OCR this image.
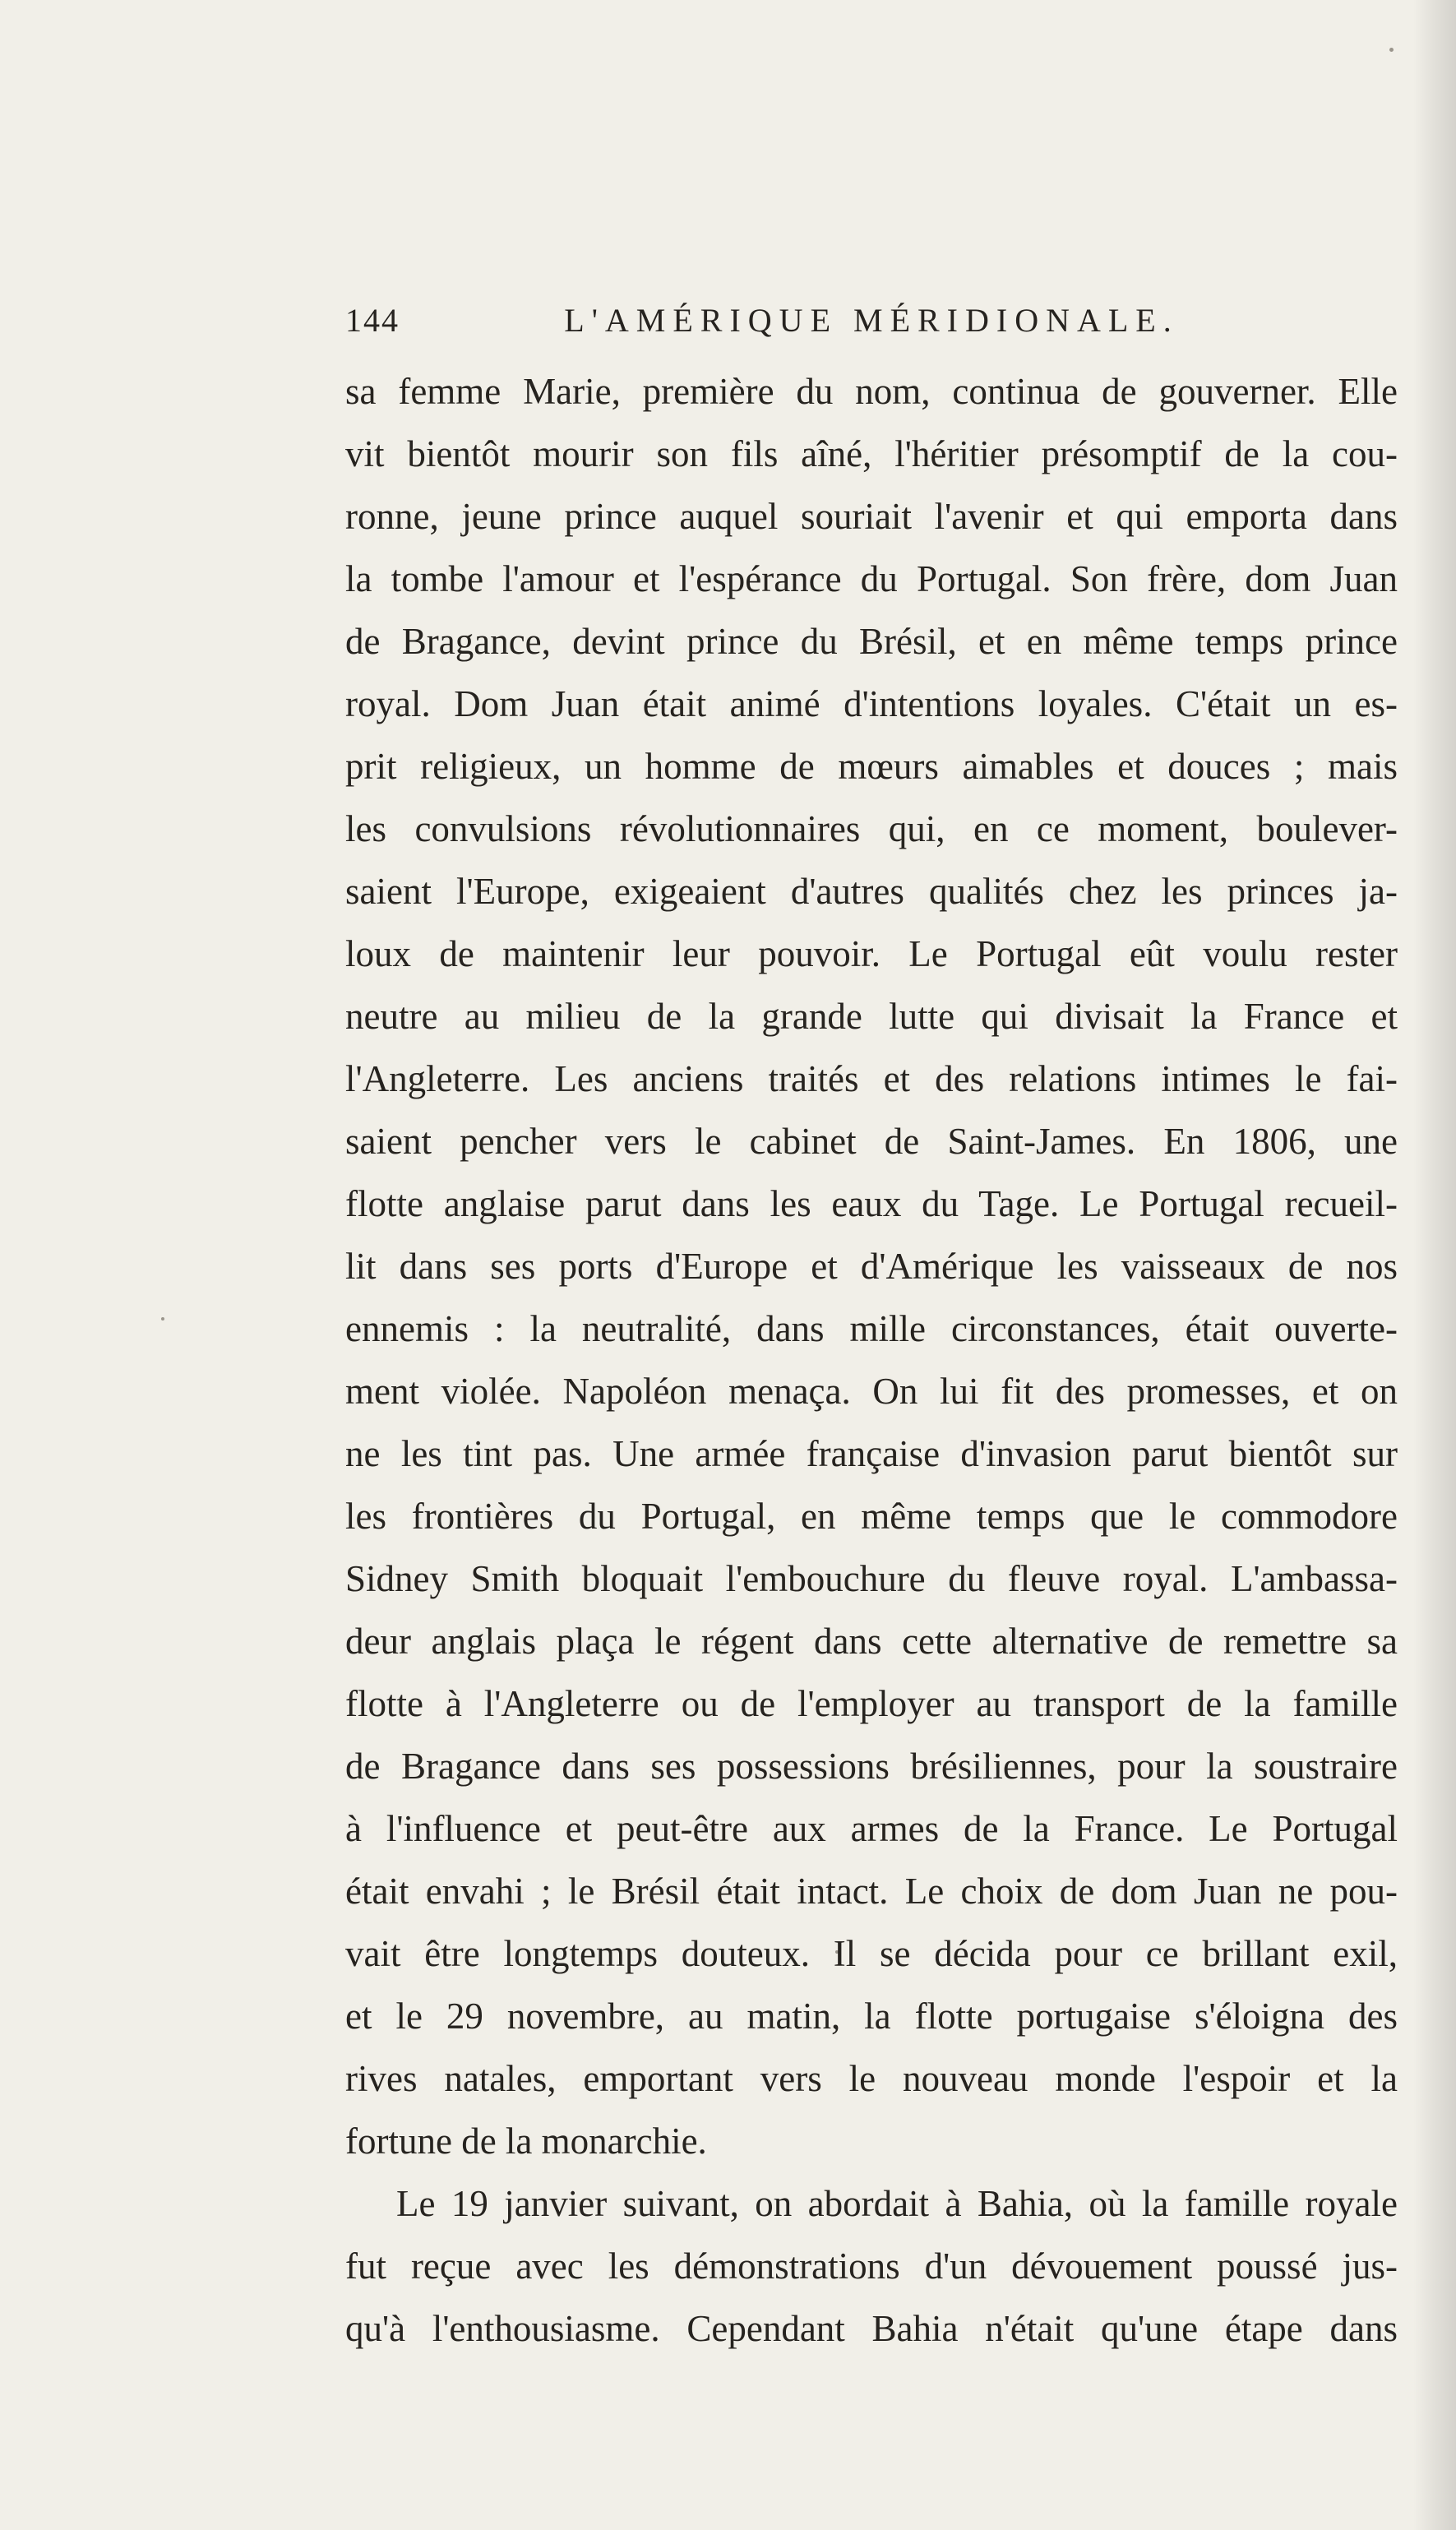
144	L'AMÉRIQUE MÉRIDIONALE.
sa femme Marie, première du nom, continua de gouverner. Elle
vit bientôt mourir son fils aîné, l'héritier présomptif de la cou-
ronne, jeune prince auquel souriait l'avenir et qui emporta dans
la tombe l'amour et l'espérance du Portugal. Son frère, dom Juan
de Bragance, devint prince du Brésil, et en même temps prince
royal. Dom Juan était animé d'intentions loyales. C'était un es-
prit religieux, un homme de mœurs aimables et douces ; mais
les convulsions révolutionnaires qui, en ce moment, boulever-
saient l'Europe, exigeaient d'autres qualités chez les princes ja-
loux de maintenir leur pouvoir. Le Portugal eût voulu rester
neutre au milieu de la grande lutte qui divisait la France et
l'Angleterre. Les anciens traités et des relations intimes le fai-
saient pencher vers le cabinet de Saint-James. En 1806, une
flotte anglaise parut dans les eaux du Tage. Le Portugal recueil-
lit dans ses ports d'Europe et d'Amérique les vaisseaux de nos
ennemis : la neutralité, dans mille circonstances, était ouverte-
ment violée. Napoléon menaça. On lui fit des promesses, et on
ne les tint pas. Une armée française d'invasion parut bientôt sur
les frontières du Portugal, en même temps que le commodore
Sidney Smith bloquait l'embouchure du fleuve royal. L'ambassa-
deur anglais plaça le régent dans cette alternative de remettre sa
flotte à l'Angleterre ou de l'employer au transport de la famille
de Bragance dans ses possessions brésiliennes, pour la soustraire
à l'influence et peut-être aux armes de la France. Le Portugal
était envahi ; le Brésil était intact. Le choix de dom Juan ne pou-
vait être longtemps douteux. Il se décida pour ce brillant exil,
et le 29 novembre, au matin, la flotte portugaise s'éloigna des
rives natales, emportant vers le nouveau monde l'espoir et la
fortune de la monarchie.
Le 19 janvier suivant, on abordait à Bahia, où la famille royale
fut reçue avec les démonstrations d'un dévouement poussé jus-
qu'à l'enthousiasme. Cependant Bahia n'était qu'une étape dans
